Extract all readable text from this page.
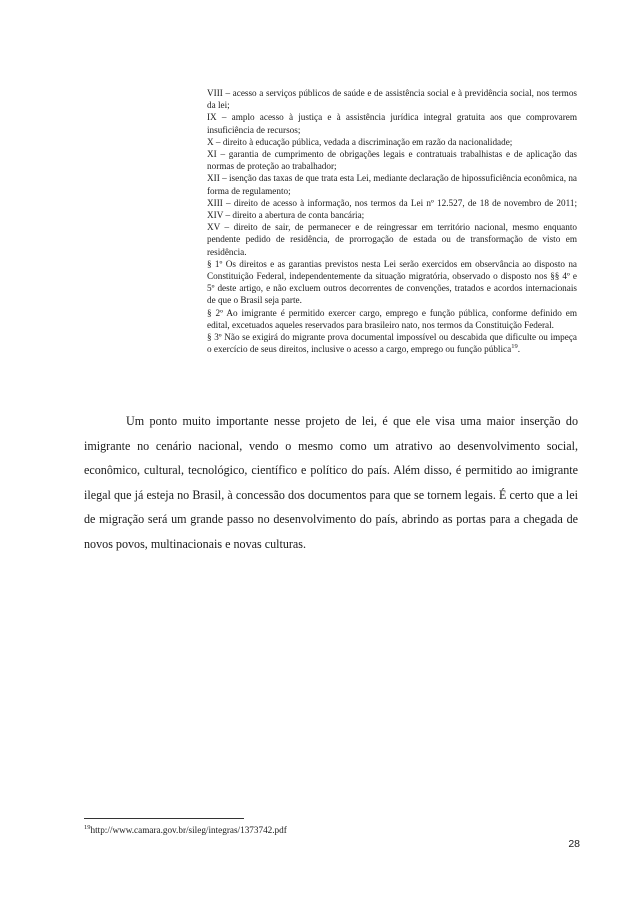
VIII – acesso a serviços públicos de saúde e de assistência social e à previdência social, nos termos da lei;

IX – amplo acesso à justiça e à assistência jurídica integral gratuita aos que comprovarem insuficiência de recursos;

X – direito à educação pública, vedada a discriminação em razão da nacionalidade;

XI – garantia de cumprimento de obrigações legais e contratuais trabalhistas e de aplicação das normas de proteção ao trabalhador;

XII – isenção das taxas de que trata esta Lei, mediante declaração de hipossuficiência econômica, na forma de regulamento;

XIII – direito de acesso à informação, nos termos da Lei nº 12.527, de 18 de novembro de 2011; XIV – direito a abertura de conta bancária;

XV – direito de sair, de permanecer e de reingressar em território nacional, mesmo enquanto pendente pedido de residência, de prorrogação de estada ou de transformação de visto em residência.

§ 1º Os direitos e as garantias previstos nesta Lei serão exercidos em observância ao disposto na Constituição Federal, independentemente da situação migratória, observado o disposto nos §§ 4º e 5º deste artigo, e não excluem outros decorrentes de convenções, tratados e acordos internacionais de que o Brasil seja parte.

§ 2º Ao imigrante é permitido exercer cargo, emprego e função pública, conforme definido em edital, excetuados aqueles reservados para brasileiro nato, nos termos da Constituição Federal.

§ 3º Não se exigirá do migrante prova documental impossível ou descabida que dificulte ou impeça o exercício de seus direitos, inclusive o acesso a cargo, emprego ou função pública$^{19}$.

Um ponto muito importante nesse projeto de lei, é que ele visa uma maior inserção do imigrante no cenário nacional, vendo o mesmo como um atrativo ao desenvolvimento social, econômico, cultural, tecnológico, científico e político do país. Além disso, é permitido ao imigrante ilegal que já esteja no Brasil, à concessão dos documentos para que se tornem legais. É certo que a lei de migração será um grande passo no desenvolvimento do país, abrindo as portas para a chegada de novos povos, multinacionais e novas culturas.

$^{19}$http://www.camara.gov.br/sileg/integras/1373742.pdf
28
